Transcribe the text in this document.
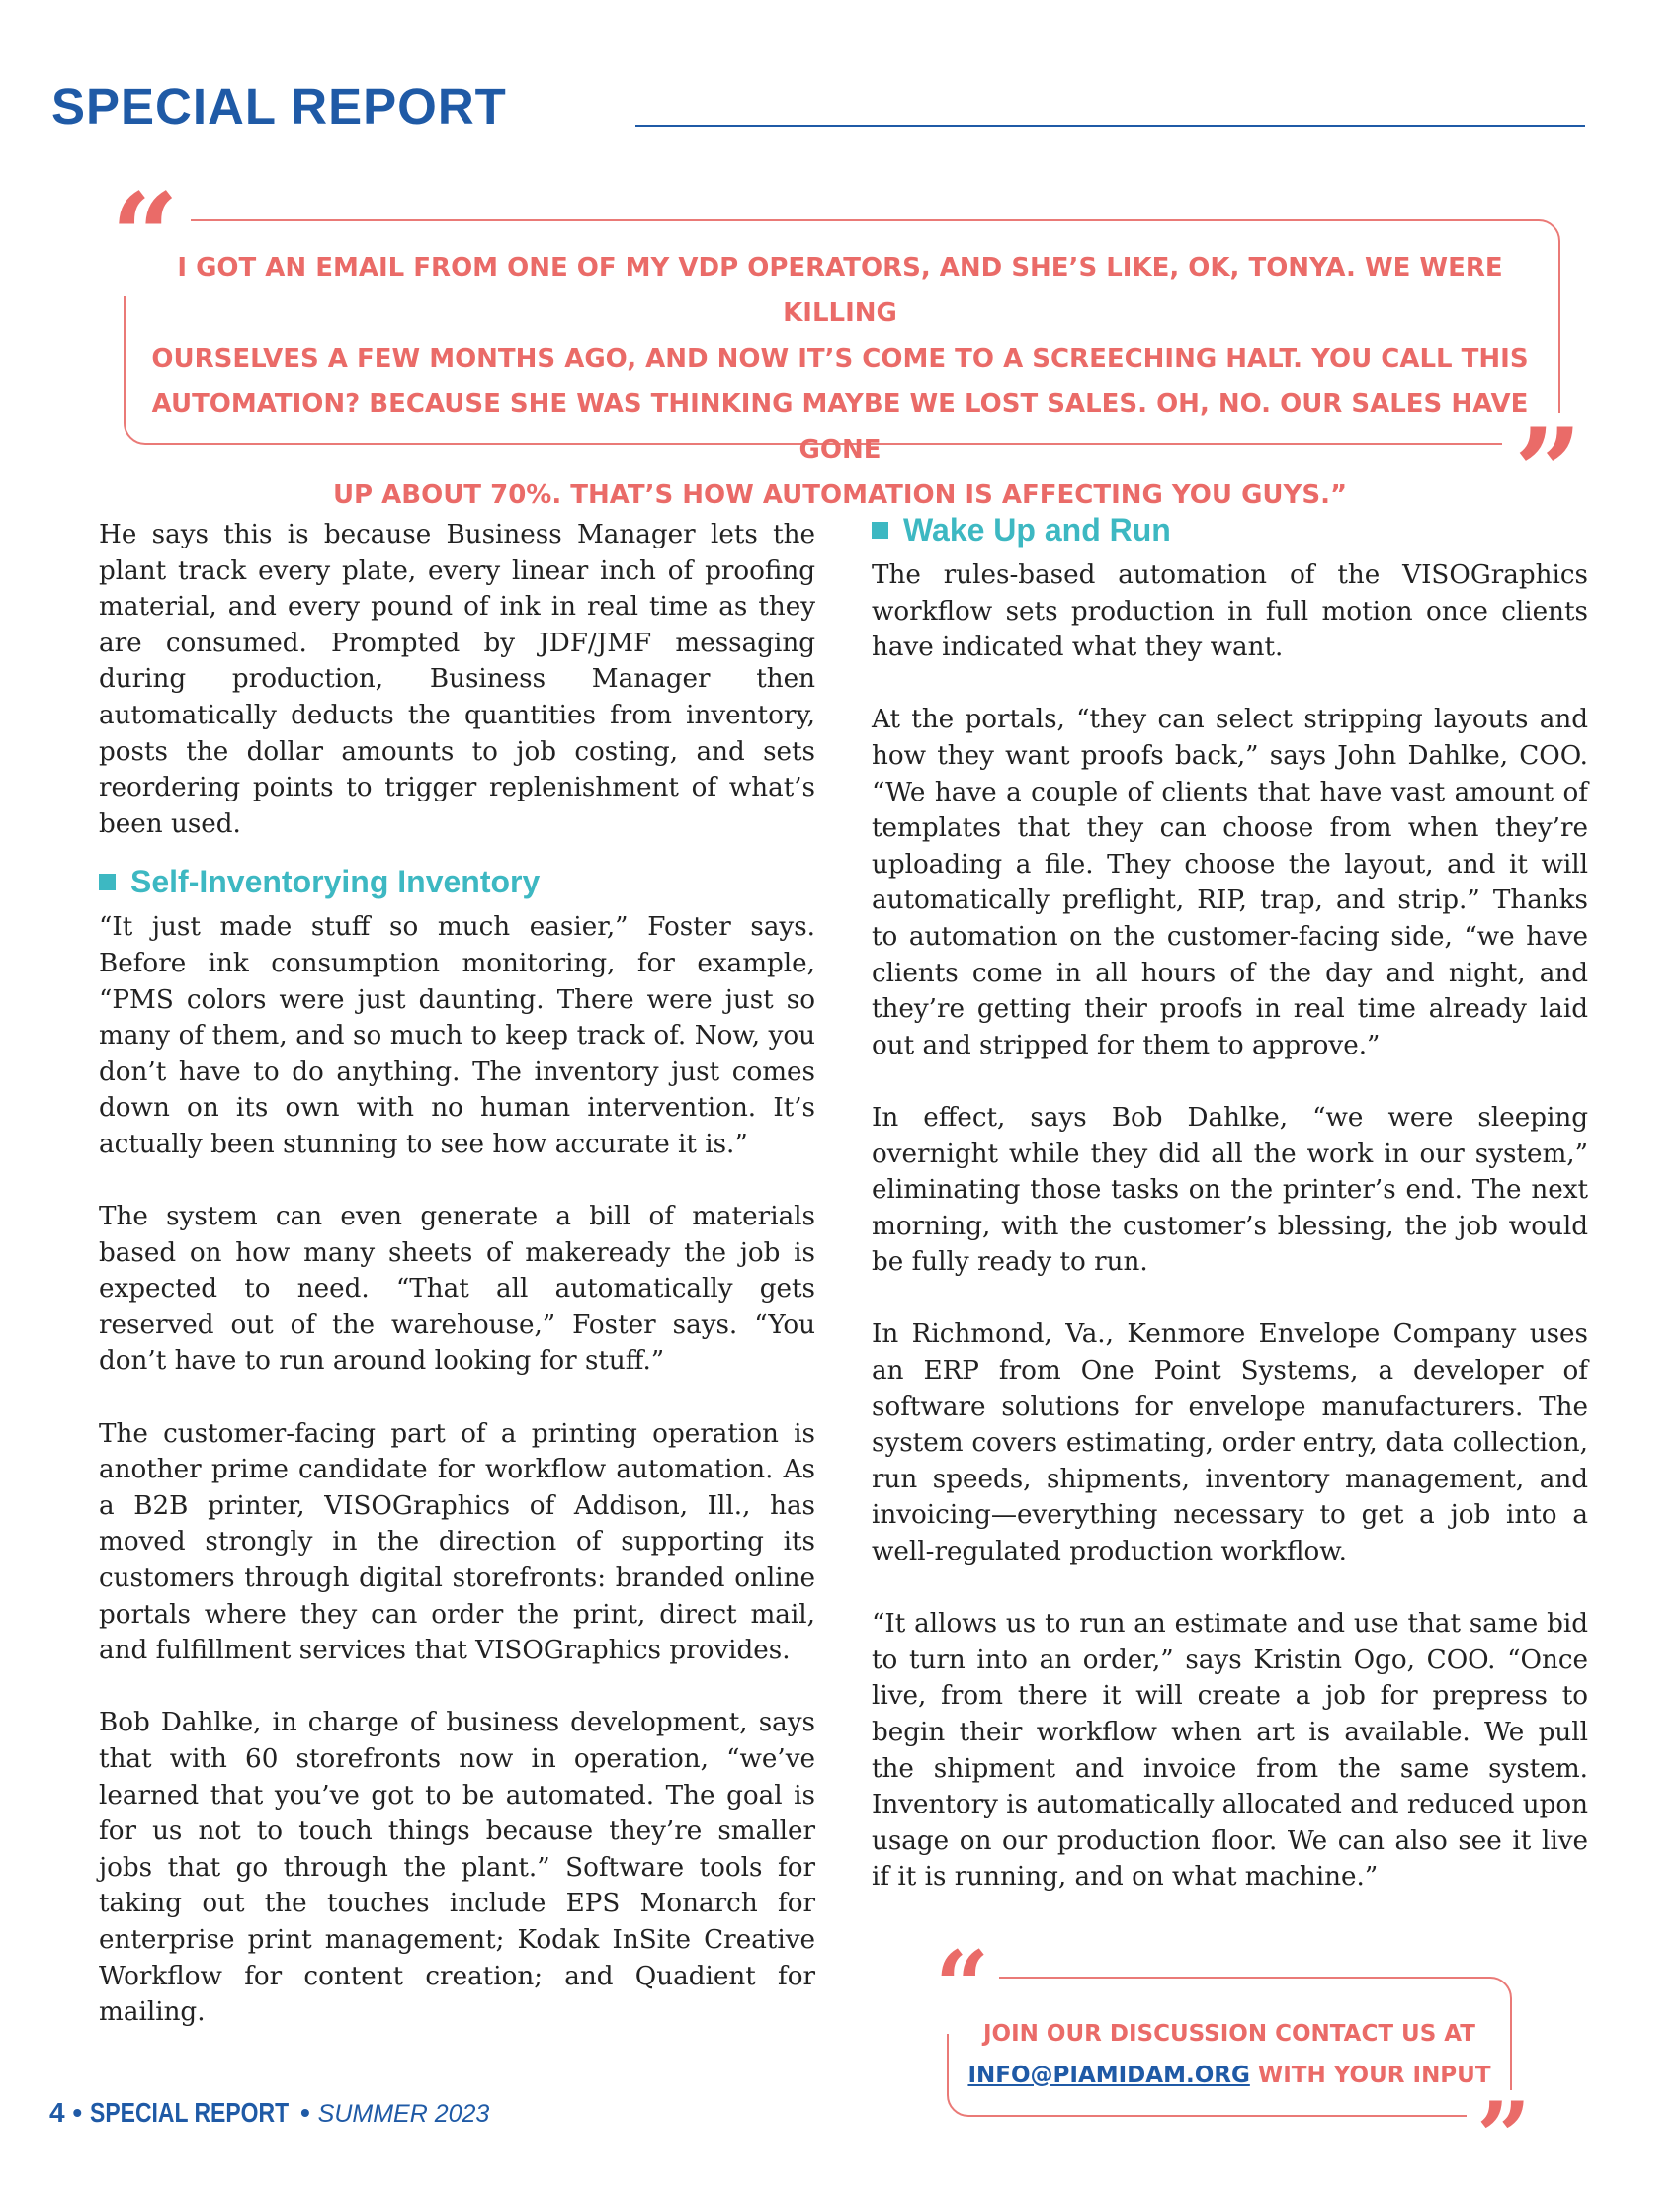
SPECIAL REPORT
“
”
I GOT AN EMAIL FROM ONE OF MY VDP OPERATORS, AND SHE’S LIKE, OK, TONYA. WE WERE KILLING
OURSELVES A FEW MONTHS AGO, AND NOW IT’S COME TO A SCREECHING HALT. YOU CALL THIS
AUTOMATION? BECAUSE SHE WAS THINKING MAYBE WE LOST SALES. OH, NO. OUR SALES HAVE GONE
UP ABOUT 70%. THAT’S HOW AUTOMATION IS AFFECTING YOU GUYS.”

He says this is because Business Manager lets the plant track every plate, every linear inch of proofing material, and every pound of ink in real time as they are consumed. Prompted by JDF/JMF messaging during production, Business Manager then automatically deducts the quantities from inventory, posts the dollar amounts to job costing, and sets reordering points to trigger replenishment of what’s been used.

Self-Inventorying Inventory

“It just made stuff so much easier,” Foster says. Before ink consumption monitoring, for example, “PMS colors were just daunting. There were just so many of them, and so much to keep track of. Now, you don’t have to do anything. The inventory just comes down on its own with no human intervention. It’s actually been stunning to see how accurate it is.”

The system can even generate a bill of materials based on how many sheets of makeready the job is expected to need. “That all automatically gets reserved out of the warehouse,” Foster says. “You don’t have to run around looking for stuff.”

The customer-facing part of a printing operation is another prime candidate for workflow automation. As a B2B printer, VISOGraphics of Addison, Ill., has moved strongly in the direction of supporting its customers through digital storefronts: branded online portals where they can order the print, direct mail, and fulfillment services that VISOGraphics provides.

Bob Dahlke, in charge of business development, says that with 60 storefronts now in operation, “we’ve learned that you’ve got to be automated. The goal is for us not to touch things because they’re smaller jobs that go through the plant.” Software tools for taking out the touches include EPS Monarch for enterprise print management; Kodak InSite Creative Workflow for content creation; and Quadient for mailing.

Wake Up and Run

The rules-based automation of the VISOGraphics workflow sets production in full motion once clients have indicated what they want.

At the portals, “they can select stripping layouts and how they want proofs back,” says John Dahlke, COO. “We have a couple of clients that have vast amount of templates that they can choose from when they’re uploading a file. They choose the layout, and it will automatically preflight, RIP, trap, and strip.” Thanks to automation on the customer-facing side, “we have clients come in all hours of the day and night, and they’re getting their proofs in real time already laid out and stripped for them to approve.”

In effect, says Bob Dahlke, “we were sleeping overnight while they did all the work in our system,” eliminating those tasks on the printer’s end. The next morning, with the customer’s blessing, the job would be fully ready to run.

In Richmond, Va., Kenmore Envelope Company uses an ERP from One Point Systems, a developer of software solutions for envelope manufacturers. The system covers estimating, order entry, data collection, run speeds, shipments, inventory management, and invoicing—everything necessary to get a job into a well-regulated production workflow.

“It allows us to run an estimate and use that same bid to turn into an order,” says Kristin Ogo, COO. “Once live, from there it will create a job for prepress to begin their workflow when art is available. We pull the shipment and invoice from the same system. Inventory is automatically allocated and reduced upon usage on our production floor. We can also see it live if it is running, and on what machine.”

“
”
JOIN OUR DISCUSSION CONTACT US AT
INFO@PIAMIDAM.ORG WITH YOUR INPUT
4 • SPECIAL REPORT • SUMMER 2023
